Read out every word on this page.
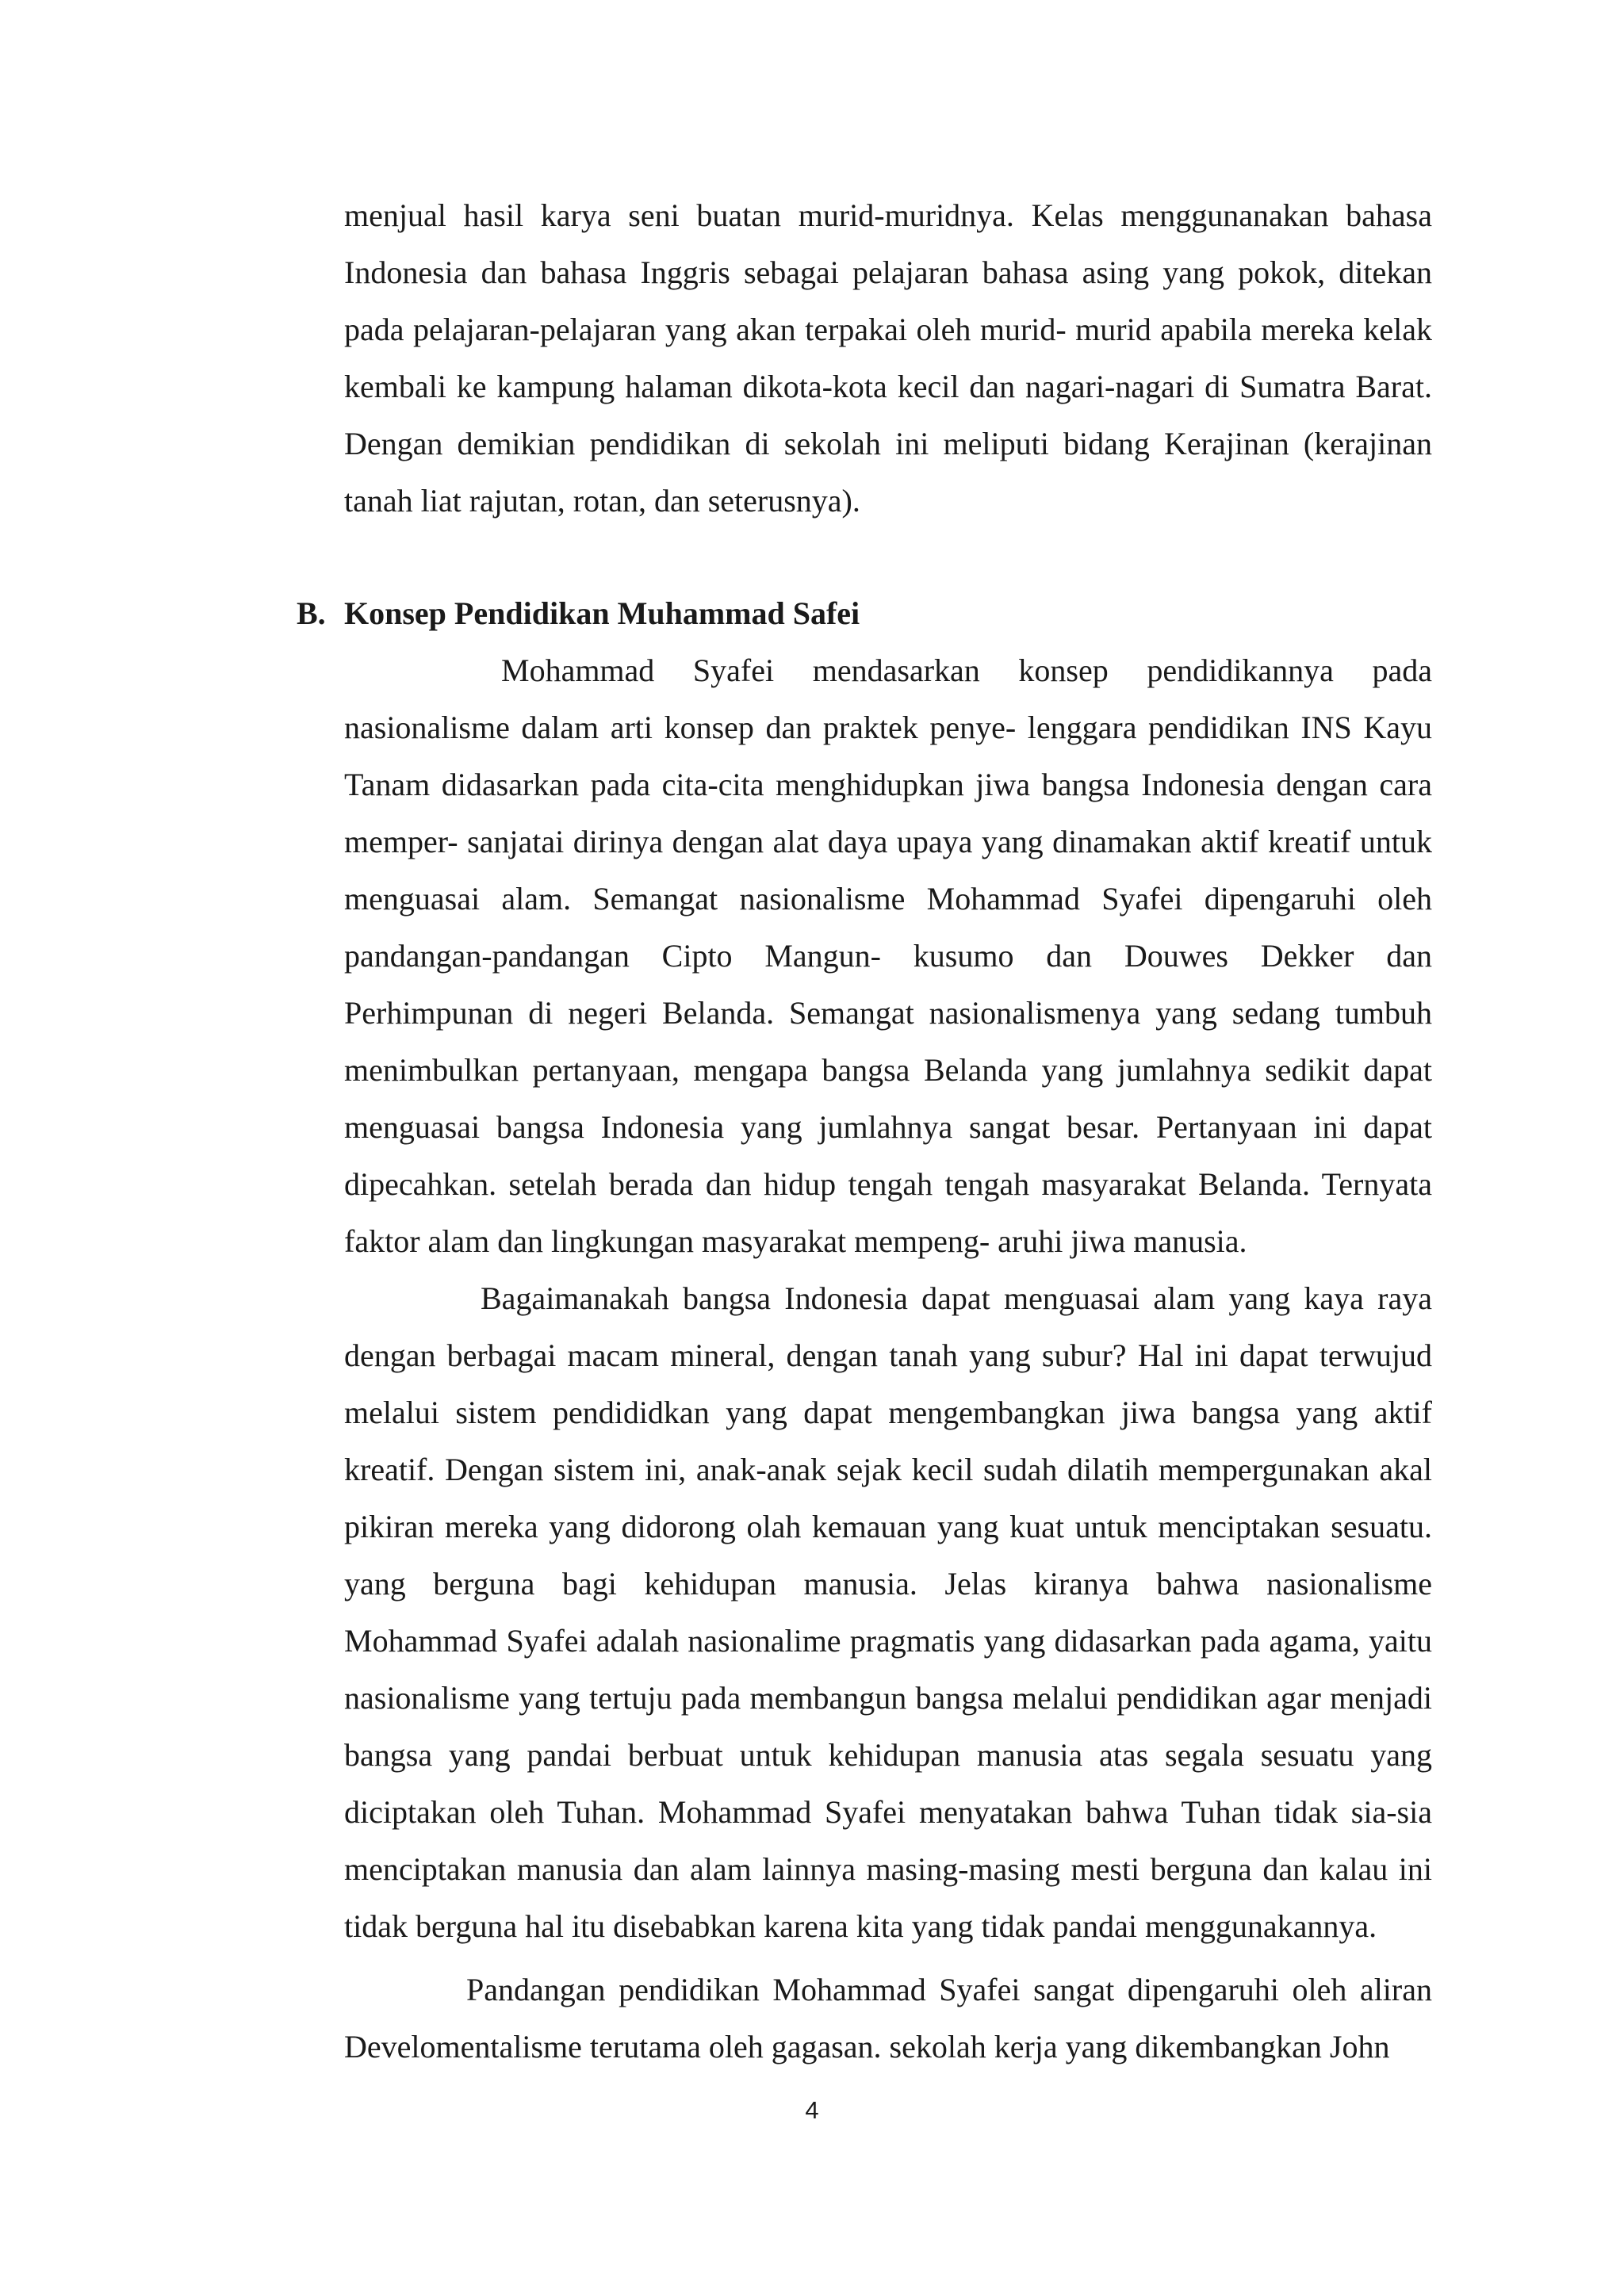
menjual hasil karya seni buatan murid-muridnya. Kelas menggunanakan bahasa Indonesia dan bahasa Inggris sebagai pelajaran bahasa asing yang pokok, ditekan pada pelajaran-pelajaran yang akan terpakai oleh murid- murid apabila mereka kelak kembali ke kampung halaman dikota-kota kecil dan nagari-nagari di Sumatra Barat. Dengan demikian pendidikan di sekolah ini meliputi bidang Kerajinan (kerajinan tanah liat rajutan, rotan, dan seterusnya).

B. Konsep Pendidikan Muhammad Safei

Mohammad Syafei mendasarkan konsep pendidikannya pada nasionalisme dalam arti konsep dan praktek penye- lenggara pendidikan INS Kayu Tanam didasarkan pada cita-cita menghidupkan jiwa bangsa Indonesia dengan cara memper- sanjatai dirinya dengan alat daya upaya yang dinamakan aktif kreatif untuk menguasai alam. Semangat nasionalisme Mohammad Syafei dipengaruhi oleh pandangan-pandangan Cipto Mangun- kusumo dan Douwes Dekker dan Perhimpunan di negeri Belanda. Semangat nasionalismenya yang sedang tumbuh menimbulkan pertanyaan, mengapa bangsa Belanda yang jumlahnya sedikit dapat menguasai bangsa Indonesia yang jumlahnya sangat besar. Pertanyaan ini dapat dipecahkan. setelah berada dan hidup tengah tengah masyarakat Belanda. Ternyata faktor alam dan lingkungan masyarakat mempeng- aruhi jiwa manusia.

Bagaimanakah bangsa Indonesia dapat menguasai alam yang kaya raya dengan berbagai macam mineral, dengan tanah yang subur? Hal ini dapat terwujud melalui sistem pendididkan yang dapat mengembangkan jiwa bangsa yang aktif kreatif. Dengan sistem ini, anak-anak sejak kecil sudah dilatih mempergunakan akal pikiran mereka yang didorong olah kemauan yang kuat untuk menciptakan sesuatu. yang berguna bagi kehidupan manusia. Jelas kiranya bahwa nasionalisme Mohammad Syafei adalah nasionalime pragmatis yang didasarkan pada agama, yaitu nasionalisme yang tertuju pada membangun bangsa melalui pendidikan agar menjadi bangsa yang pandai berbuat untuk kehidupan manusia atas segala sesuatu yang diciptakan oleh Tuhan. Mohammad Syafei menyatakan bahwa Tuhan tidak sia-sia menciptakan manusia dan alam lainnya masing-masing mesti berguna dan kalau ini tidak berguna hal itu disebabkan karena kita yang tidak pandai menggunakannya.

Pandangan pendidikan Mohammad Syafei sangat dipengaruhi oleh aliran Develomentalisme terutama oleh gagasan. sekolah kerja yang dikembangkan John

4
